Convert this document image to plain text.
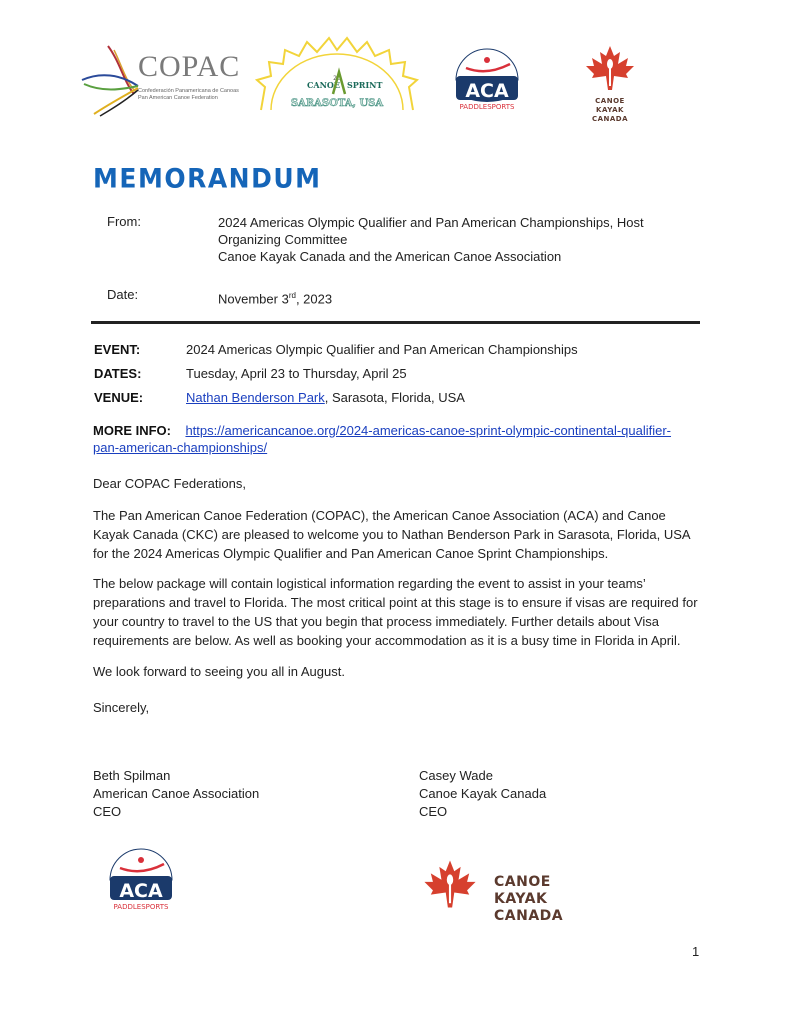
COPAC
Confederación Panamericana de Canoas
Pan American Canoe Federation
20
CANOE SPRINT
SARASOTA, USA
ACA
PADDLESPORTS
CANOE KAYAK
CANADA
MEMORANDUM
From:	2024 Americas Olympic Qualifier and Pan American Championships, Host
Organizing Committee
Canoe Kayak Canada and the American Canoe Association
Date:	November 3rd, 2023
EVENT:	2024 Americas Olympic Qualifier and Pan American Championships
DATES:	Tuesday, April 23 to Thursday, April 25
VENUE:	Nathan Benderson Park, Sarasota, Florida, USA
MORE INFO: https://americancanoe.org/2024-americas-canoe-sprint-olympic-continental-qualifier-
pan-american-championships/
Dear COPAC Federations,
The Pan American Canoe Federation (COPAC), the American Canoe Association (ACA) and Canoe Kayak Canada (CKC) are pleased to welcome you to Nathan Benderson Park in Sarasota, Florida, USA for the 2024 Americas Olympic Qualifier and Pan American Canoe Sprint Championships.
The below package will contain logistical information regarding the event to assist in your teams’ preparations and travel to Florida. The most critical point at this stage is to ensure if visas are required for your country to travel to the US that you begin that process immediately. Further details about Visa requirements are below. As well as booking your accommodation as it is a busy time in Florida in April.
We look forward to seeing you all in August.
Sincerely,
Beth Spilman
American Canoe Association
CEO
Casey Wade
Canoe Kayak Canada
CEO
ACA
PADDLESPORTS
CANOE KAYAK
CANADA
1
